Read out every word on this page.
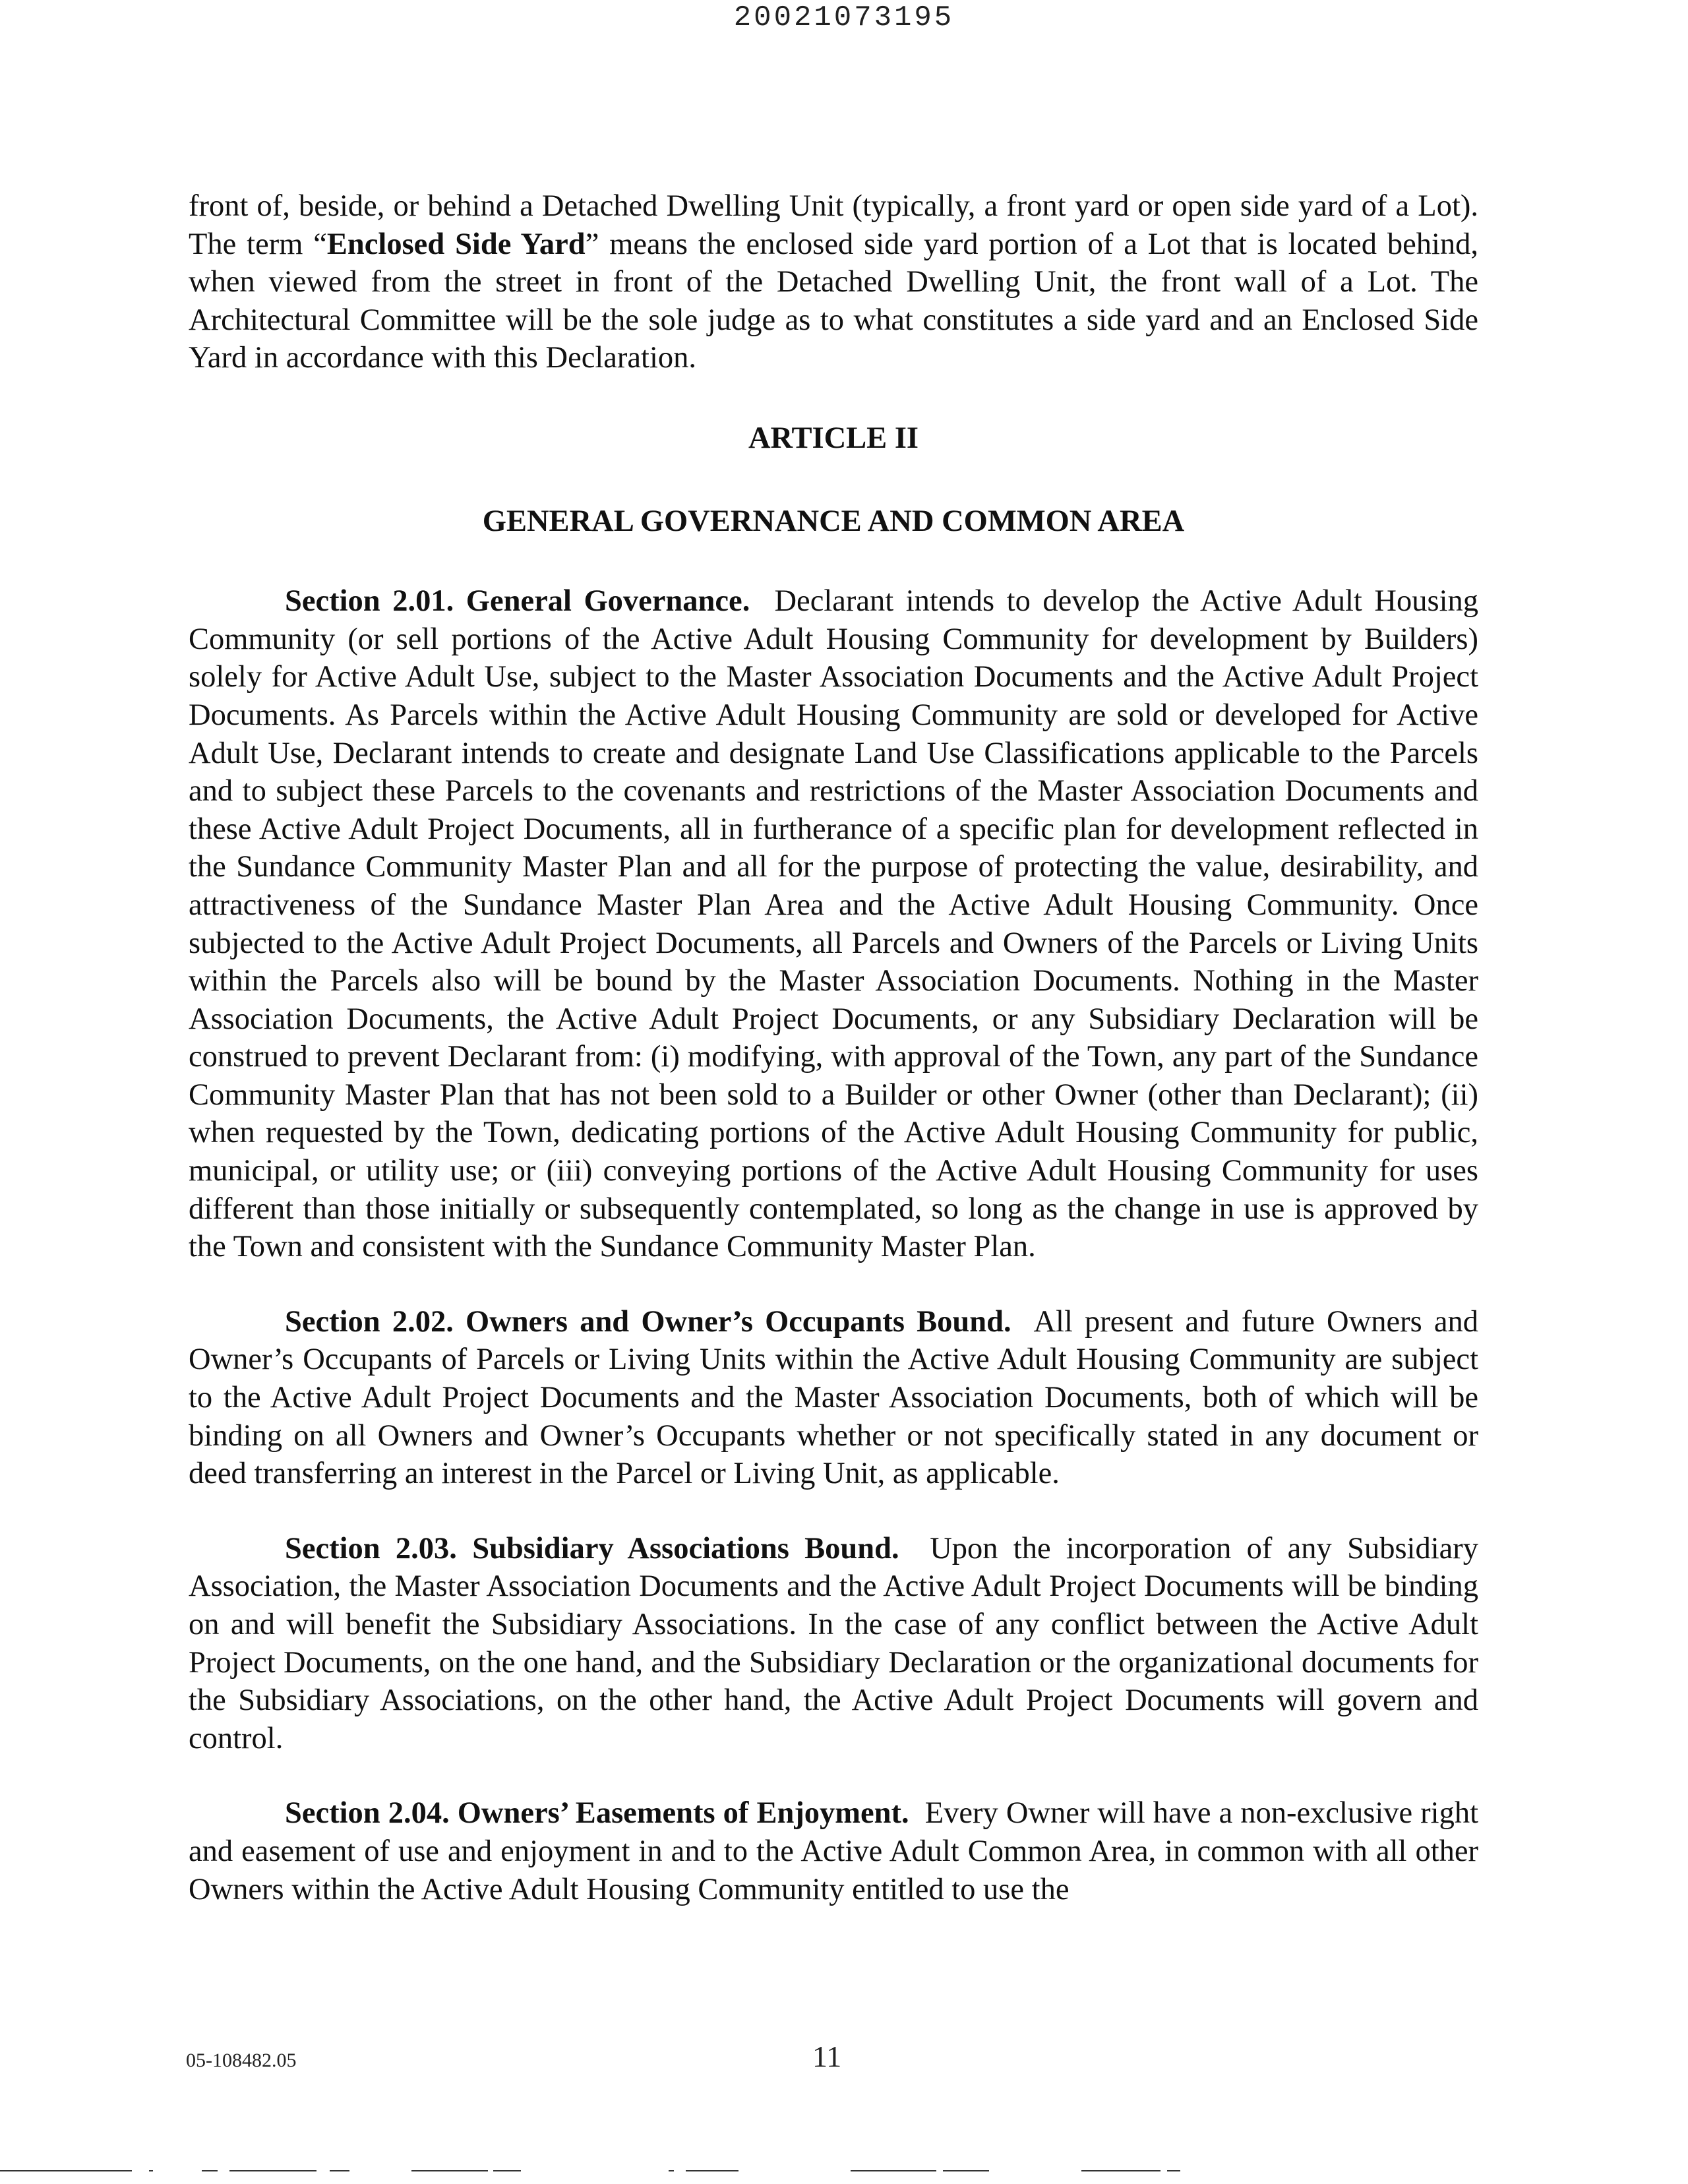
20021073195

front of, beside, or behind a Detached Dwelling Unit (typically, a front yard or open side yard of a Lot). The term “Enclosed Side Yard” means the enclosed side yard portion of a Lot that is located behind, when viewed from the street in front of the Detached Dwelling Unit, the front wall of a Lot. The Architectural Committee will be the sole judge as to what constitutes a side yard and an Enclosed Side Yard in accordance with this Declaration.

ARTICLE II
GENERAL GOVERNANCE AND COMMON AREA

Section 2.01. General Governance. Declarant intends to develop the Active Adult Housing Community (or sell portions of the Active Adult Housing Community for development by Builders) solely for Active Adult Use, subject to the Master Association Documents and the Active Adult Project Documents. As Parcels within the Active Adult Housing Community are sold or developed for Active Adult Use, Declarant intends to create and designate Land Use Classifications applicable to the Parcels and to subject these Parcels to the covenants and restrictions of the Master Association Documents and these Active Adult Project Documents, all in furtherance of a specific plan for development reflected in the Sundance Community Master Plan and all for the purpose of protecting the value, desirability, and attractiveness of the Sundance Master Plan Area and the Active Adult Housing Community. Once subjected to the Active Adult Project Documents, all Parcels and Owners of the Parcels or Living Units within the Parcels also will be bound by the Master Association Documents. Nothing in the Master Association Documents, the Active Adult Project Documents, or any Subsidiary Declaration will be construed to prevent Declarant from: (i) modifying, with approval of the Town, any part of the Sundance Community Master Plan that has not been sold to a Builder or other Owner (other than Declarant); (ii) when requested by the Town, dedicating portions of the Active Adult Housing Community for public, municipal, or utility use; or (iii) conveying portions of the Active Adult Housing Community for uses different than those initially or subsequently contemplated, so long as the change in use is approved by the Town and consistent with the Sundance Community Master Plan.

Section 2.02. Owners and Owner’s Occupants Bound. All present and future Owners and Owner’s Occupants of Parcels or Living Units within the Active Adult Housing Community are subject to the Active Adult Project Documents and the Master Association Documents, both of which will be binding on all Owners and Owner’s Occupants whether or not specifically stated in any document or deed transferring an interest in the Parcel or Living Unit, as applicable.

Section 2.03. Subsidiary Associations Bound. Upon the incorporation of any Subsidiary Association, the Master Association Documents and the Active Adult Project Documents will be binding on and will benefit the Subsidiary Associations. In the case of any conflict between the Active Adult Project Documents, on the one hand, and the Subsidiary Declaration or the organizational documents for the Subsidiary Associations, on the other hand, the Active Adult Project Documents will govern and control.

Section 2.04. Owners’ Easements of Enjoyment. Every Owner will have a non-exclusive right and easement of use and enjoyment in and to the Active Adult Common Area, in common with all other Owners within the Active Adult Housing Community entitled to use the

05-108482.05	11
